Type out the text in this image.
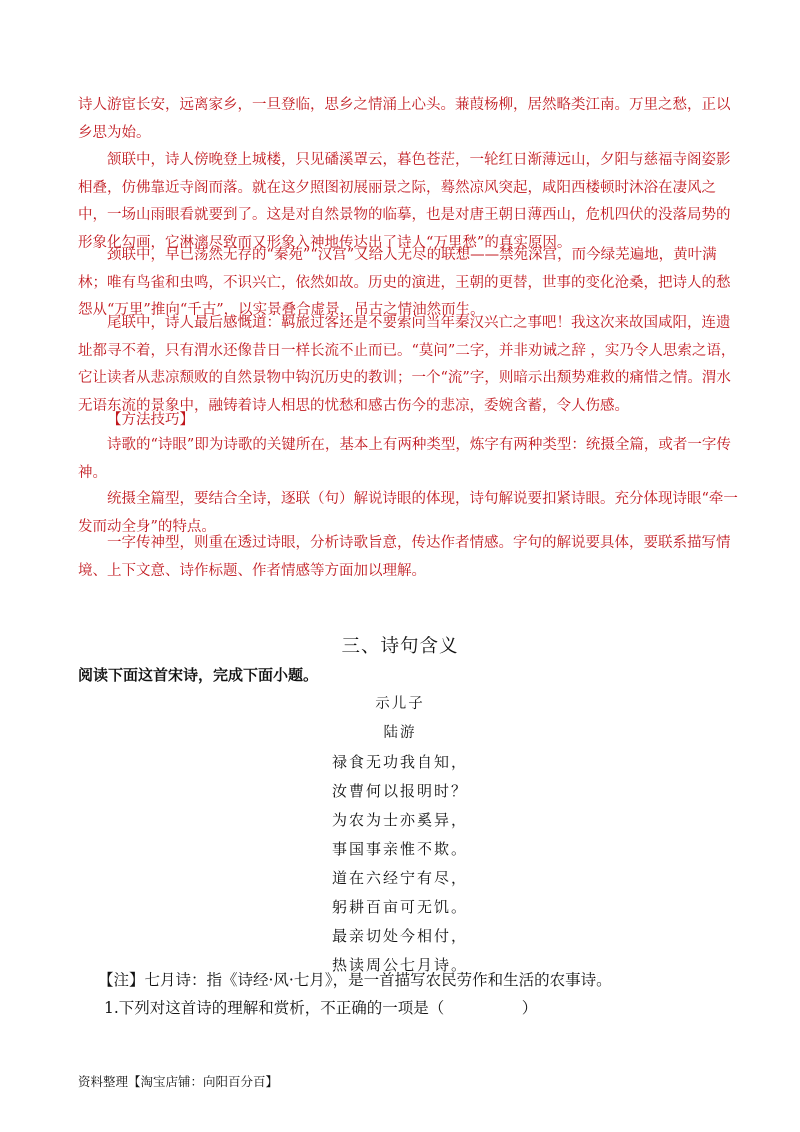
诗人游宦长安，远离家乡，一旦登临，思乡之情涌上心头。蒹葭杨柳，居然略类江南。万里之愁，正以乡思为始。

颔联中，诗人傍晚登上城楼，只见磻溪罩云，暮色苍茫，一轮红日渐薄远山，夕阳与慈福寺阁姿影相叠，仿佛靠近寺阁而落。就在这夕照图初展丽景之际，蓦然凉风突起，咸阳西楼顿时沐浴在凄风之中，一场山雨眼看就要到了。这是对自然景物的临摹，也是对唐王朝日薄西山，危机四伏的没落局势的形象化勾画，它淋漓尽致而又形象入神地传达出了诗人“万里愁”的真实原因。

颈联中，早已荡然无存的“秦苑”“汉宫”又给人无尽的联想——禁苑深宫，而今绿芜遍地，黄叶满林；唯有鸟雀和虫鸣，不识兴亡，依然如故。历史的演进，王朝的更替，世事的变化沧桑，把诗人的愁怨从“万里”推向“千古”，以实景叠合虚景，吊古之情油然而生。

尾联中，诗人最后感慨道：羁旅过客还是不要索问当年秦汉兴亡之事吧！我这次来故国咸阳，连遗址都寻不着，只有渭水还像昔日一样长流不止而已。“莫问”二字，并非劝诫之辞 ，实乃令人思索之语，它让读者从悲凉颓败的自然景物中钩沉历史的教训；一个“流”字，则暗示出颓势难救的痛惜之情。渭水无语东流的景象中，融铸着诗人相思的忧愁和感古伤今的悲凉，委婉含蓄，令人伤感。

【方法技巧】

诗歌的“诗眼”即为诗歌的关键所在，基本上有两种类型，炼字有两种类型：统摄全篇，或者一字传神。

统摄全篇型，要结合全诗，逐联（句）解说诗眼的体现，诗句解说要扣紧诗眼。充分体现诗眼“牵一发而动全身”的特点。

一字传神型，则重在透过诗眼，分析诗歌旨意，传达作者情感。字句的解说要具体，要联系描写情境、上下文意、诗作标题、作者情感等方面加以理解。

三、诗句含义
阅读下面这首宋诗，完成下面小题。
示儿子
陆游
禄食无功我自知，
汝曹何以报明时？
为农为士亦奚异，
事国事亲惟不欺。
道在六经宁有尽，
躬耕百亩可无饥。
最亲切处今相付，
热读周公七月诗。
【注】七月诗：指《诗经·风·七月》，是一首描写农民劳作和生活的农事诗。
1.下列对这首诗的理解和赏析，不正确的一项是（　　　　　）
资料整理【淘宝店铺：向阳百分百】
